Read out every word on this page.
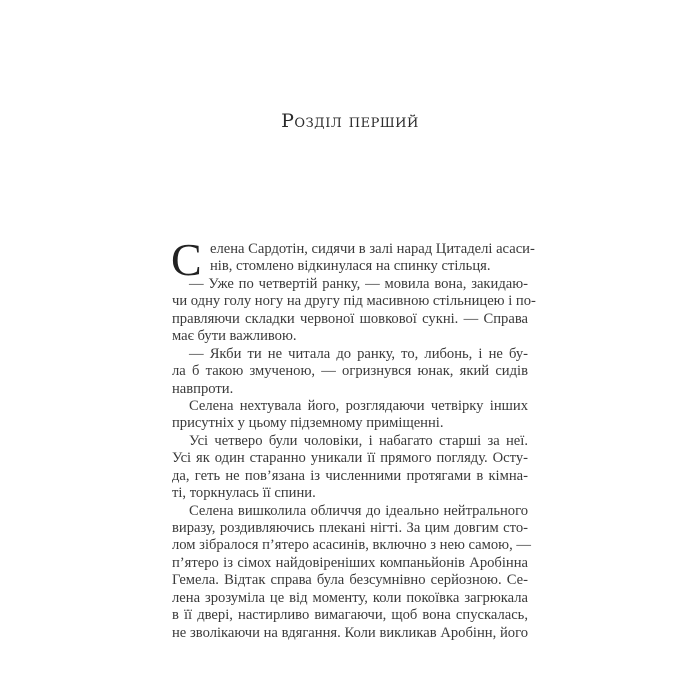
Розділ перший
С елена Сардотін, сидячи в залі нарад Цитаделі асаси-
нів, стомлено відкинулася на спинку стільця.
— Уже по четвертій ранку, — мовила вона, закидаю-
чи одну голу ногу на другу під масивною стільницею і по-
правляючи складки червоної шовкової сукні. — Справа
має бути важливою.
— Якби ти не читала до ранку, то, либонь, і не бу-
ла б такою змученою, — огризнувся юнак, який сидів
навпроти.
Селена нехтувала його, розглядаючи четвірку інших
присутніх у цьому підземному приміщенні.
Усі четверо були чоловіки, і набагато старші за неї.
Усі як один старанно уникали її прямого погляду. Осту-
да, геть не пов’язана із численними протягами в кімна-
ті, торкнулась її спини.
Селена вишколила обличчя до ідеально нейтрального
виразу, роздивляючись плекані нігті. За цим довгим сто-
лом зібралося п’ятеро асасинів, включно з нею самою, —
п’ятеро із сімох найдовіреніших компаньйонів Аробінна
Гемела. Відтак справа була безсумнівно серйозною. Се-
лена зрозуміла це від моменту, коли покоївка загрюкала
в її двері, настирливо вимагаючи, щоб вона спускалась,
не зволікаючи на вдягання. Коли викликав Аробінн, його
